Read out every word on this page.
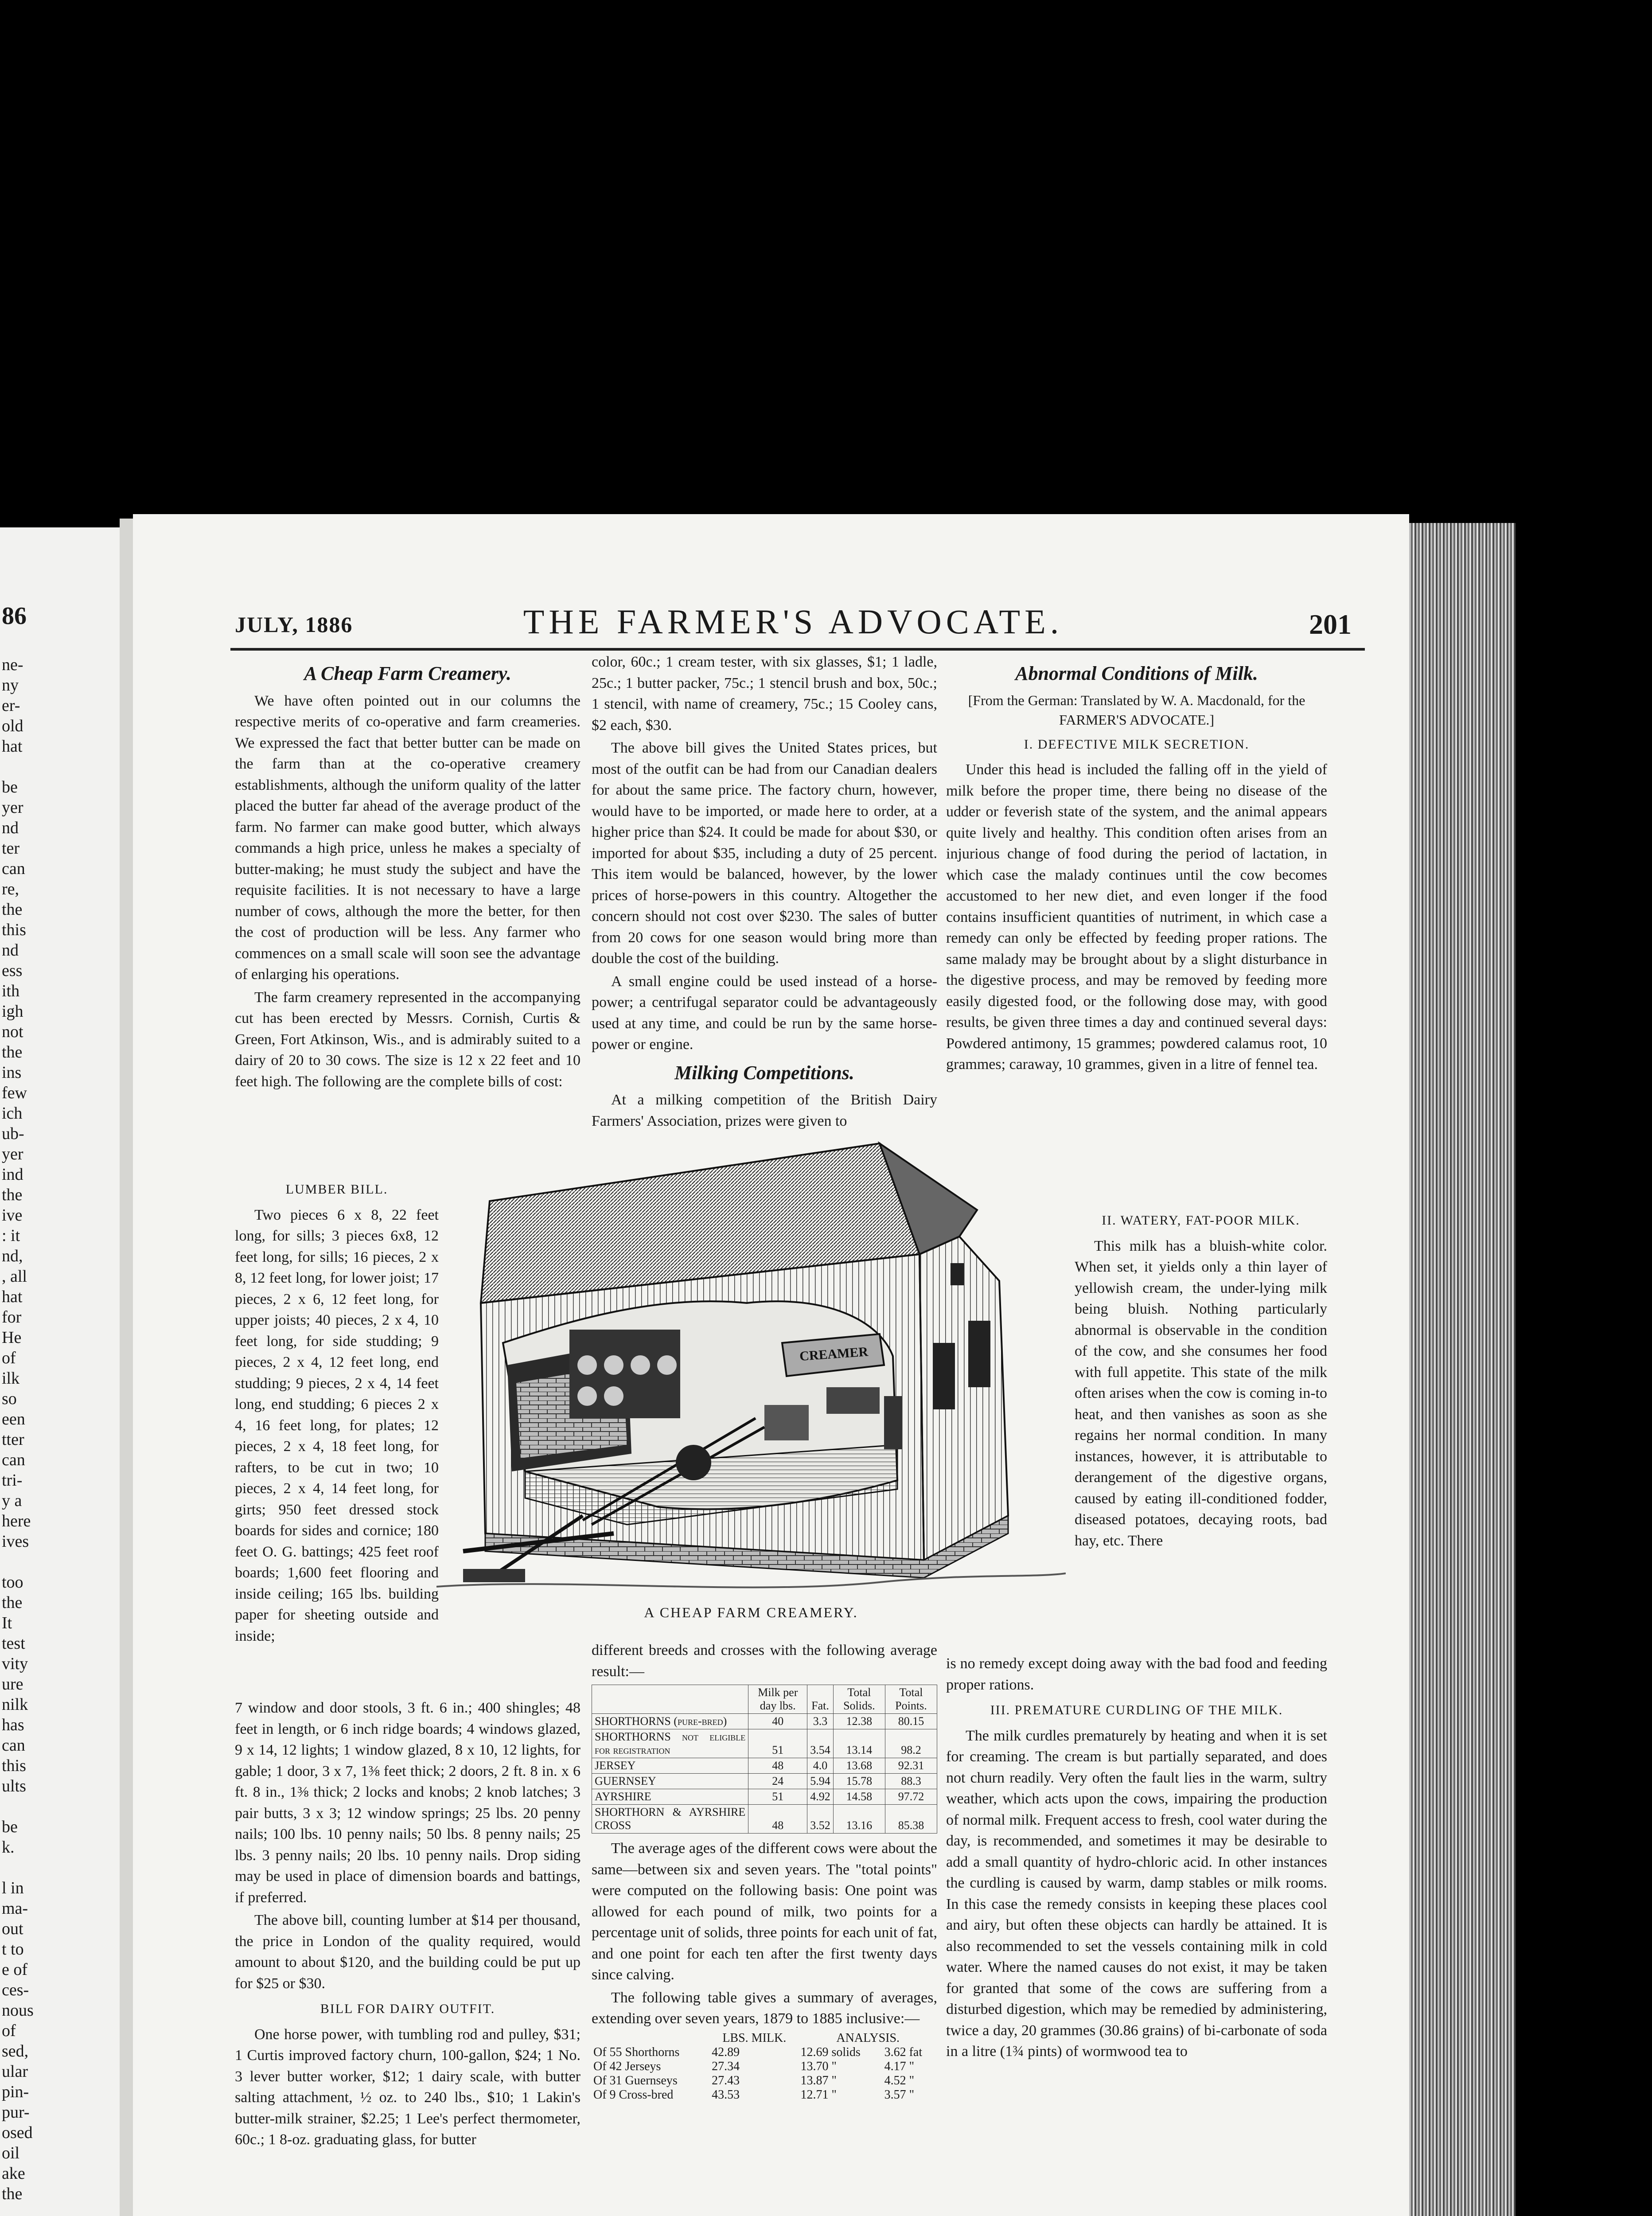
86
ne-
ny
er-
old
hat
be
yer
nd
ter
can
re,
the
this
nd
ess
ith
igh
not
the
ins
few
ich
ub-
yer
ind
the
ive
: it
nd,
, all
hat
for
He
of
ilk
so
een
tter
can
tri-
y a
here
ives
too
the
It
test
vity
ure
nilk
has
can
this
ults
be
k.
l in
ma-
out
t to
e of
ces-
nous
of
sed,
ular
pin-
pur-
osed
oil
ake
the
JULY, 1886	THE FARMER'S ADVOCATE.	201
A Cheap Farm Creamery.

We have often pointed out in our columns the respective merits of co-operative and farm creameries. We expressed the fact that better butter can be made on the farm than at the co-operative creamery establishments, although the uniform quality of the latter placed the butter far ahead of the average product of the farm. No farmer can make good butter, which always commands a high price, unless he makes a specialty of butter-making; he must study the subject and have the requisite facilities. It is not necessary to have a large number of cows, although the more the better, for then the cost of production will be less. Any farmer who commences on a small scale will soon see the advantage of enlarging his operations.

The farm creamery represented in the accompanying cut has been erected by Messrs. Cornish, Curtis & Green, Fort Atkinson, Wis., and is admirably suited to a dairy of 20 to 30 cows. The size is 12 x 22 feet and 10 feet high. The following are the complete bills of cost:

LUMBER BILL.

Two pieces 6 x 8, 22 feet long, for sills; 3 pieces 6x8, 12 feet long, for sills; 16 pieces, 2 x 8, 12 feet long, for lower joist; 17 pieces, 2 x 6, 12 feet long, for upper joists; 40 pieces, 2 x 4, 10 feet long, for side studding; 9 pieces, 2 x 4, 12 feet long, end studding; 9 pieces, 2 x 4, 14 feet long, end studding; 6 pieces 2 x 4, 16 feet long, for plates; 12 pieces, 2 x 4, 18 feet long, for rafters, to be cut in two; 10 pieces, 2 x 4, 14 feet long, for girts; 950 feet dressed stock boards for sides and cornice; 180 feet O. G. battings; 425 feet roof boards; 1,600 feet flooring and inside ceiling; 165 lbs. building paper for sheeting outside and inside;

7 window and door stools, 3 ft. 6 in.; 400 shingles; 48 feet in length, or 6 inch ridge boards; 4 windows glazed, 9 x 14, 12 lights; 1 window glazed, 8 x 10, 12 lights, for gable; 1 door, 3 x 7, 1⅜ feet thick; 2 doors, 2 ft. 8 in. x 6 ft. 8 in., 1⅜ thick; 2 locks and knobs; 2 knob latches; 3 pair butts, 3 x 3; 12 window springs; 25 lbs. 20 penny nails; 100 lbs. 10 penny nails; 50 lbs. 8 penny nails; 25 lbs. 3 penny nails; 20 lbs. 10 penny nails. Drop siding may be used in place of dimension boards and battings, if preferred.

The above bill, counting lumber at $14 per thousand, the price in London of the quality required, would amount to about $120, and the building could be put up for $25 or $30.

BILL FOR DAIRY OUTFIT.

One horse power, with tumbling rod and pulley, $31; 1 Curtis improved factory churn, 100-gallon, $24; 1 No. 3 lever butter worker, $12; 1 dairy scale, with butter salting attachment, ½ oz. to 240 lbs., $10; 1 Lakin's butter-milk strainer, $2.25; 1 Lee's perfect thermometer, 60c.; 1 8-oz. graduating glass, for butter

color, 60c.; 1 cream tester, with six glasses, $1; 1 ladle, 25c.; 1 butter packer, 75c.; 1 stencil brush and box, 50c.; 1 stencil, with name of creamery, 75c.; 15 Cooley cans, $2 each, $30.

The above bill gives the United States prices, but most of the outfit can be had from our Canadian dealers for about the same price. The factory churn, however, would have to be imported, or made here to order, at a higher price than $24. It could be made for about $30, or imported for about $35, including a duty of 25 percent. This item would be balanced, however, by the lower prices of horse-powers in this country. Altogether the concern should not cost over $230. The sales of butter from 20 cows for one season would bring more than double the cost of the building.

A small engine could be used instead of a horse-power; a centrifugal separator could be advantageously used at any time, and could be run by the same horse-power or engine.

Milking Competitions.

At a milking competition of the British Dairy Farmers' Association, prizes were given to

CREAMER
A CHEAP FARM CREAMERY.

different breeds and crosses with the following average result:—

	Milk per day lbs.	Fat.	Total Solids.	Total Points.
SHORTHORNS (pure-bred)	40	3.3	12.38	80.15
SHORTHORNS not eligible for registration	51	3.54	13.14	98.2
JERSEY	48	4.0	13.68	92.31
GUERNSEY	24	5.94	15.78	88.3
AYRSHIRE	51	4.92	14.58	97.72
SHORTHORN & AYRSHIRE CROSS	48	3.52	13.16	85.38

The average ages of the different cows were about the same—between six and seven years. The "total points" were computed on the following basis: One point was allowed for each pound of milk, two points for a percentage unit of solids, three points for each unit of fat, and one point for each ten after the first twenty days since calving.

The following table gives a summary of averages, extending over seven years, 1879 to 1885 inclusive:—

	LBS. MILK.	ANALYSIS.	
Of 55 Shorthorns	42.89	12.69 solids	3.62 fat
Of 42 Jerseys	27.34	13.70 "	4.17 "
Of 31 Guernseys	27.43	13.87 "	4.52 "
Of 9 Cross-bred	43.53	12.71 "	3.57 "
Abnormal Conditions of Milk.
[From the German: Translated by W. A. Macdonald, for the FARMER'S ADVOCATE.]
I. DEFECTIVE MILK SECRETION.

Under this head is included the falling off in the yield of milk before the proper time, there being no disease of the udder or feverish state of the system, and the animal appears quite lively and healthy. This condition often arises from an injurious change of food during the period of lactation, in which case the malady continues until the cow becomes accustomed to her new diet, and even longer if the food contains insufficient quantities of nutriment, in which case a remedy can only be effected by feeding proper rations. The same malady may be brought about by a slight disturbance in the digestive process, and may be removed by feeding more easily digested food, or the following dose may, with good results, be given three times a day and continued several days: Powdered antimony, 15 grammes; powdered calamus root, 10 grammes; caraway, 10 grammes, given in a litre of fennel tea.

II. WATERY, FAT-POOR MILK.

This milk has a bluish-white color. When set, it yields only a thin layer of yellowish cream, the under-lying milk being bluish. Nothing particularly abnormal is observable in the condition of the cow, and she consumes her food with full appetite. This state of the milk often arises when the cow is coming in-to heat, and then vanishes as soon as she regains her normal condition. In many instances, however, it is attributable to derangement of the digestive organs, caused by eating ill-conditioned fodder, diseased potatoes, decaying roots, bad hay, etc. There

is no remedy except doing away with the bad food and feeding proper rations.

III. PREMATURE CURDLING OF THE MILK.

The milk curdles prematurely by heating and when it is set for creaming. The cream is but partially separated, and does not churn readily. Very often the fault lies in the warm, sultry weather, which acts upon the cows, impairing the production of normal milk. Frequent access to fresh, cool water during the day, is recommended, and sometimes it may be desirable to add a small quantity of hydro-chloric acid. In other instances the curdling is caused by warm, damp stables or milk rooms. In this case the remedy consists in keeping these places cool and airy, but often these objects can hardly be attained. It is also recommended to set the vessels containing milk in cold water. Where the named causes do not exist, it may be taken for granted that some of the cows are suffering from a disturbed digestion, which may be remedied by administering, twice a day, 20 grammes (30.86 grains) of bi-carbonate of soda in a litre (1¾ pints) of wormwood tea to
